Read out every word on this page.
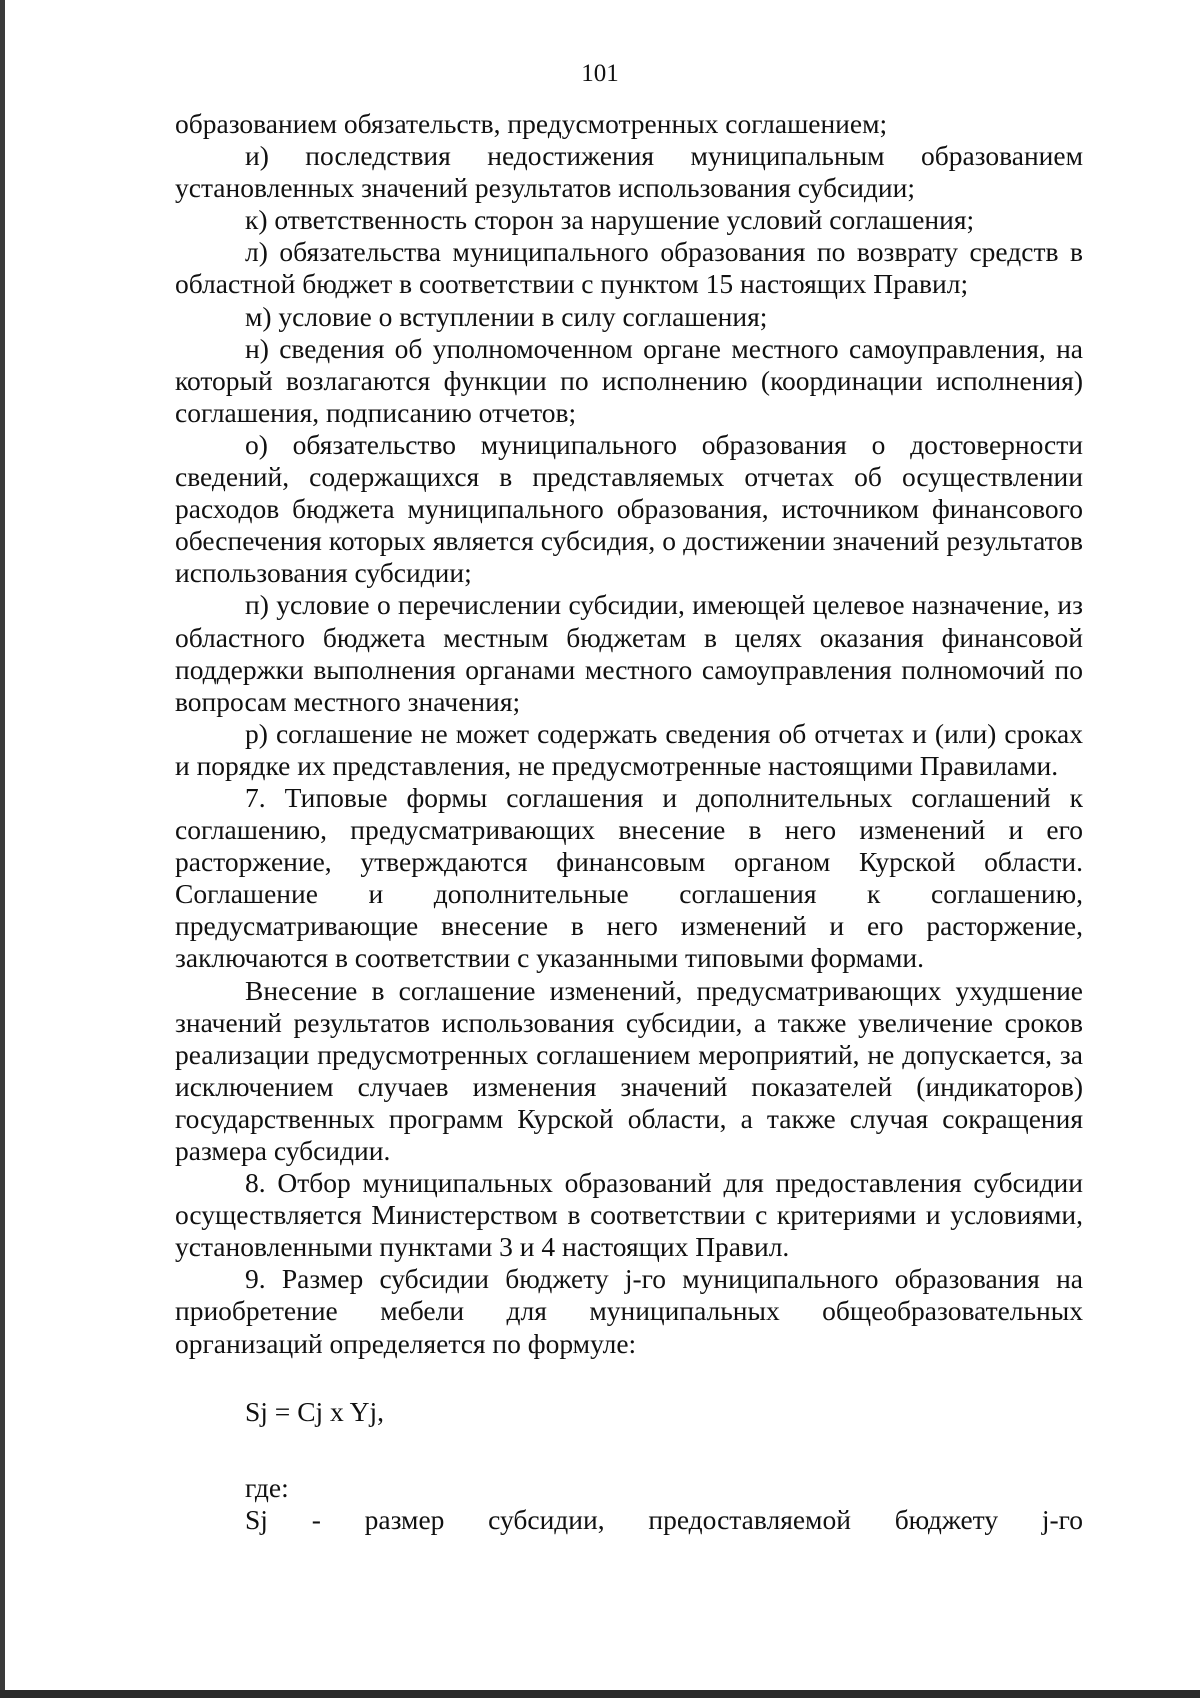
101

образованием обязательств, предусмотренных соглашением;

и) последствия недостижения муниципальным образованием установленных значений результатов использования субсидии;

к) ответственность сторон за нарушение условий соглашения;

л) обязательства муниципального образования по возврату средств в областной бюджет в соответствии с пунктом 15 настоящих Правил;

м) условие о вступлении в силу соглашения;

н) сведения об уполномоченном органе местного самоуправления, на который возлагаются функции по исполнению (координации исполнения) соглашения, подписанию отчетов;

о) обязательство муниципального образования о достоверности сведений, содержащихся в представляемых отчетах об осуществлении расходов бюджета муниципального образования, источником финансового обеспечения которых является субсидия, о достижении значений результатов использования субсидии;

п) условие о перечислении субсидии, имеющей целевое назначение, из областного бюджета местным бюджетам в целях оказания финансовой поддержки выполнения органами местного самоуправления полномочий по вопросам местного значения;

р) соглашение не может содержать сведения об отчетах и (или) сроках и порядке их представления, не предусмотренные настоящими Правилами.

7. Типовые формы соглашения и дополнительных соглашений к соглашению, предусматривающих внесение в него изменений и его расторжение, утверждаются финансовым органом Курской области. Соглашение и дополнительные соглашения к соглашению, предусматривающие внесение в него изменений и его расторжение, заключаются в соответствии с указанными типовыми формами.

Внесение в соглашение изменений, предусматривающих ухудшение значений результатов использования субсидии, а также увеличение сроков реализации предусмотренных соглашением мероприятий, не допускается, за исключением случаев изменения значений показателей (индикаторов) государственных программ Курской области, а также случая сокращения размера субсидии.

8. Отбор муниципальных образований для предоставления субсидии осуществляется Министерством в соответствии с критериями и условиями, установленными пунктами 3 и 4 настоящих Правил.

9. Размер субсидии бюджету j-го муниципального образования на приобретение мебели для муниципальных общеобразовательных организаций определяется по формуле:

Sj = Cj x Yj,
где:
Sj - размер субсидии, предоставляемой бюджету j-го
